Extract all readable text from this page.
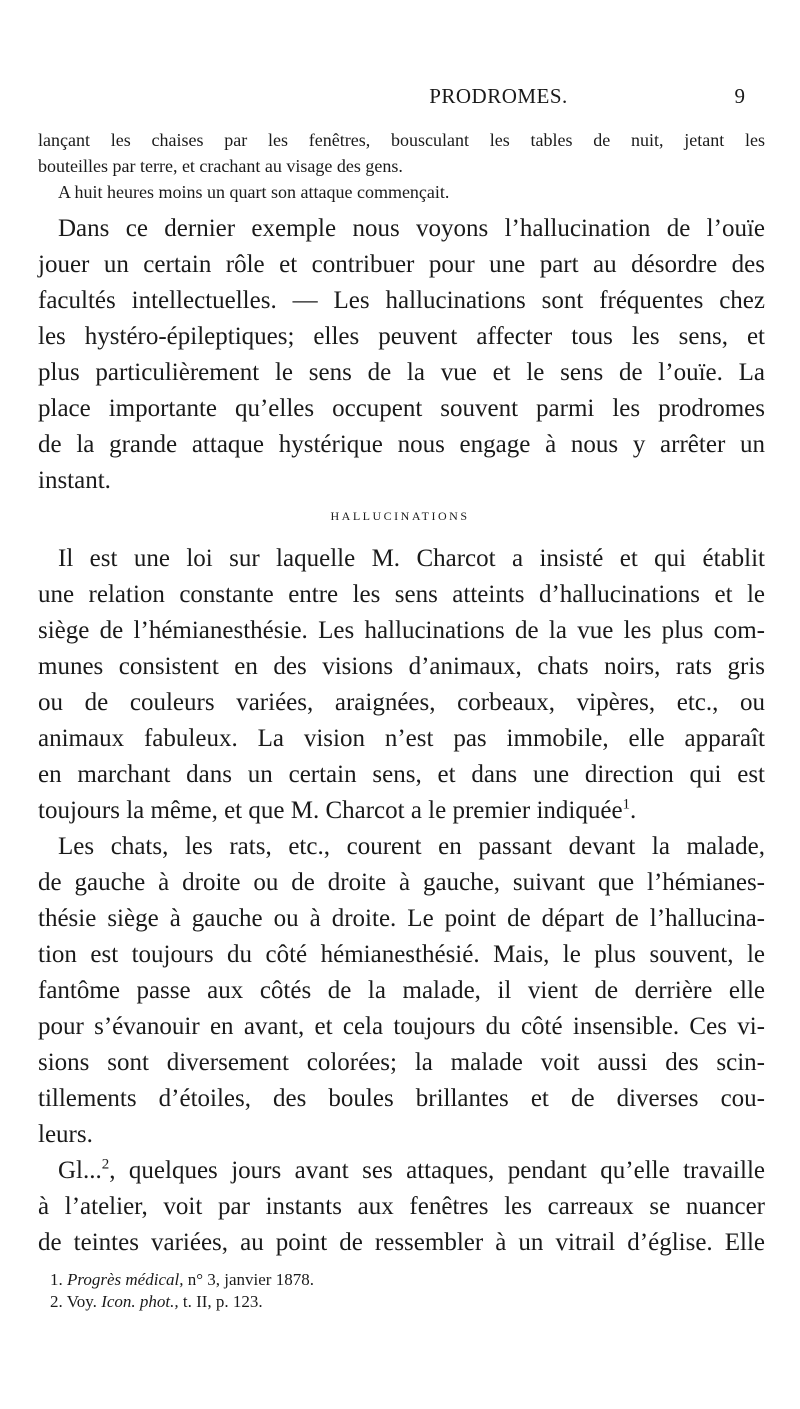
PRODROMES.	9
lançant les chaises par les fenêtres, bousculant les tables de nuit, jetant les
bouteilles par terre, et crachant au visage des gens.
A huit heures moins un quart son attaque commençait.
Dans ce dernier exemple nous voyons l’hallucination de l’ouïe
jouer un certain rôle et contribuer pour une part au désordre des
facultés intellectuelles. — Les hallucinations sont fréquentes chez
les hystéro-épileptiques; elles peuvent affecter tous les sens, et
plus particulièrement le sens de la vue et le sens de l’ouïe. La
place importante qu’elles occupent souvent parmi les prodromes
de la grande attaque hystérique nous engage à nous y arrêter un
instant.
HALLUCINATIONS
Il est une loi sur laquelle M. Charcot a insisté et qui établit
une relation constante entre les sens atteints d’hallucinations et le
siège de l’hémianesthésie. Les hallucinations de la vue les plus com-
munes consistent en des visions d’animaux, chats noirs, rats gris
ou de couleurs variées, araignées, corbeaux, vipères, etc., ou
animaux fabuleux. La vision n’est pas immobile, elle apparaît
en marchant dans un certain sens, et dans une direction qui est
toujours la même, et que M. Charcot a le premier indiquée$^1$.
Les chats, les rats, etc., courent en passant devant la malade,
de gauche à droite ou de droite à gauche, suivant que l’hémianes-
thésie siège à gauche ou à droite. Le point de départ de l’hallucina-
tion est toujours du côté hémianesthésié. Mais, le plus souvent, le
fantôme passe aux côtés de la malade, il vient de derrière elle
pour s’évanouir en avant, et cela toujours du côté insensible. Ces vi-
sions sont diversement colorées; la malade voit aussi des scin-
tillements d’étoiles, des boules brillantes et de diverses cou-
leurs.
Gl...$^2$, quelques jours avant ses attaques, pendant qu’elle travaille
à l’atelier, voit par instants aux fenêtres les carreaux se nuancer
de teintes variées, au point de ressembler à un vitrail d’église. Elle
1. Progrès médical, n° 3, janvier 1878.
2. Voy. Icon. phot., t. II, p. 123.
